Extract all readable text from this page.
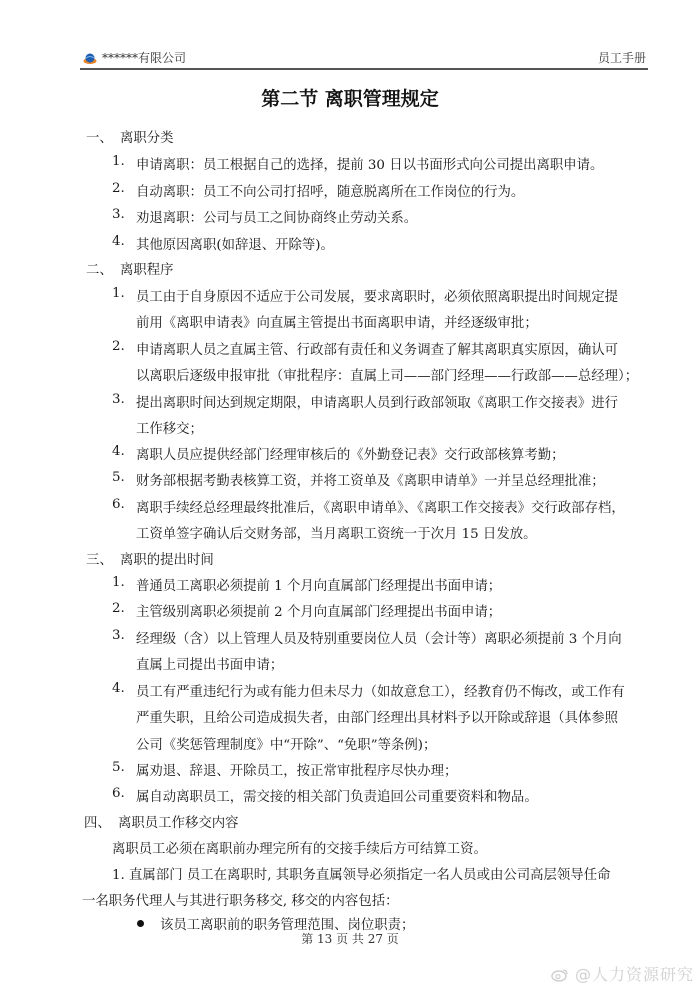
******有限公司	员工手册
第二节 离职管理规定
一、 离职分类
1. 申请离职：员工根据自己的选择，提前 30 日以书面形式向公司提出离职申请。
2. 自动离职：员工不向公司打招呼，随意脱离所在工作岗位的行为。
3. 劝退离职：公司与员工之间协商终止劳动关系。
4. 其他原因离职(如辞退、开除等)。
二、 离职程序
1. 员工由于自身原因不适应于公司发展，要求离职时，必须依照离职提出时间规定提
前用《离职申请表》向直属主管提出书面离职申请，并经逐级审批；
2. 申请离职人员之直属主管、行政部有责任和义务调查了解其离职真实原因，确认可
以离职后逐级申报审批（审批程序：直属上司——部门经理——行政部——总经理）；
3. 提出离职时间达到规定期限，申请离职人员到行政部领取《离职工作交接表》进行
工作移交；
4. 离职人员应提供经部门经理审核后的《外勤登记表》交行政部核算考勤；
5. 财务部根据考勤表核算工资，并将工资单及《离职申请单》一并呈总经理批准；
6. 离职手续经总经理最终批准后，《离职申请单》、《离职工作交接表》交行政部存档，
工资单签字确认后交财务部，当月离职工资统一于次月 15 日发放。
三、 离职的提出时间
1. 普通员工离职必须提前 1 个月向直属部门经理提出书面申请；
2. 主管级别离职必须提前 2 个月向直属部门经理提出书面申请；
3. 经理级（含）以上管理人员及特别重要岗位人员（会计等）离职必须提前 3 个月向
直属上司提出书面申请；
4. 员工有严重违纪行为或有能力但未尽力（如故意怠工），经教育仍不悔改，或工作有
严重失职，且给公司造成损失者，由部门经理出具材料予以开除或辞退（具体参照
公司《奖惩管理制度》中“开除”、“免职”等条例)；
5. 属劝退、辞退、开除员工，按正常审批程序尽快办理；
6. 属自动离职员工，需交接的相关部门负责追回公司重要资料和物品。
四、 离职员工作移交内容
离职员工必须在离职前办理完所有的交接手续后方可结算工资。
1. 直属部门 员工在离职时, 其职务直属领导必须指定一名人员或由公司高层领导任命
一名职务代理人与其进行职务移交, 移交的内容包括：
该员工离职前的职务管理范围、岗位职责；
第 13 页 共 27 页
@人力资源研究
